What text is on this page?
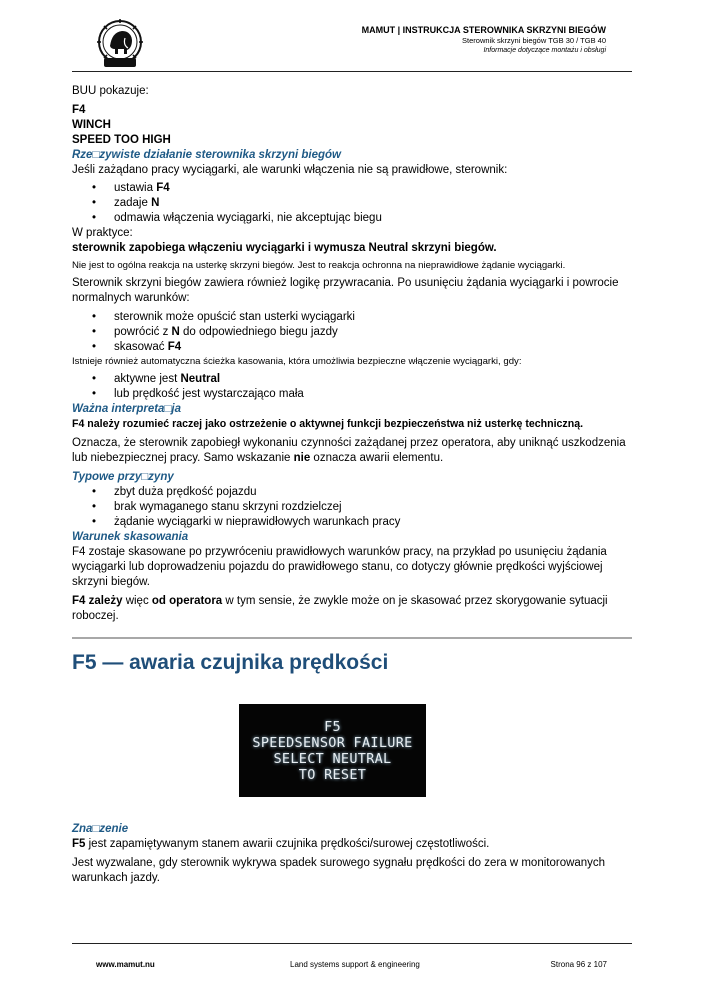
MAMUT | INSTRUKCJA STEROWNIKA SKRZYNI BIEGÓW
Sterownik skrzyni biegów TGB 30 / TGB 40
Informacje dotyczące montażu i obsługi

BUU pokazuje:

F4

WINCH

SPEED TOO HIGH

Rze□zywiste działanie sterownika skrzyni biegów

Jeśli zażądano pracy wyciągarki, ale warunki włączenia nie są prawidłowe, sterownik:

• ustawia F4
• zadaje N
• odmawia włączenia wyciągarki, nie akceptując biegu

W praktyce:

sterownik zapobiega włączeniu wyciągarki i wymusza Neutral skrzyni biegów.

Nie jest to ogólna reakcja na usterkę skrzyni biegów. Jest to reakcja ochronna na nieprawidłowe żądanie wyciągarki.

Sterownik skrzyni biegów zawiera również logikę przywracania. Po usunięciu żądania wyciągarki i powrocie normalnych warunków:

• sterownik może opuścić stan usterki wyciągarki
• powrócić z N do odpowiedniego biegu jazdy
• skasować F4

Istnieje również automatyczna ścieżka kasowania, która umożliwia bezpieczne włączenie wyciągarki, gdy:

• aktywne jest Neutral
• lub prędkość jest wystarczająco mała

Ważna interpreta□ja

F4 należy rozumieć raczej jako ostrzeżenie o aktywnej funkcji bezpieczeństwa niż usterkę techniczną.

Oznacza, że sterownik zapobiegł wykonaniu czynności zażądanej przez operatora, aby uniknąć uszkodzenia lub niebezpiecznej pracy. Samo wskazanie nie oznacza awarii elementu.

Typowe przy□zyny

• zbyt duża prędkość pojazdu
• brak wymaganego stanu skrzyni rozdzielczej
• żądanie wyciągarki w nieprawidłowych warunkach pracy

Warunek skasowania

F4 zostaje skasowane po przywróceniu prawidłowych warunków pracy, na przykład po usunięciu żądania wyciągarki lub doprowadzeniu pojazdu do prawidłowego stanu, co dotyczy głównie prędkości wyjściowej skrzyni biegów.

F4 zależy więc od operatora w tym sensie, że zwykle może on je skasować przez skorygowanie sytuacji roboczej.

F5 — awaria czujnika prędkości

F5
SPEEDSENSOR FAILURE
SELECT NEUTRAL
TO RESET

Zna□zenie

F5 jest zapamiętywanym stanem awarii czujnika prędkości/surowej częstotliwości.

Jest wyzwalane, gdy sterownik wykrywa spadek surowego sygnału prędkości do zera w monitorowanych warunkach jazdy.

www.mamut.nu	Land systems support & engineering	Strona 96 z 107
